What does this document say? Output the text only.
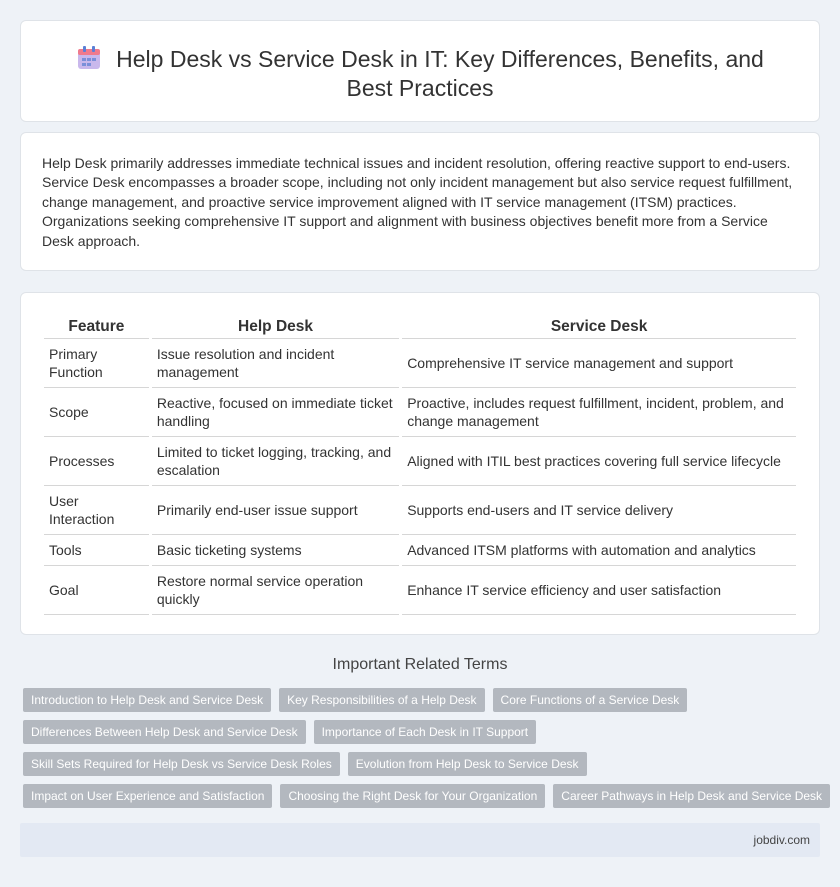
Help Desk vs Service Desk in IT: Key Differences, Benefits, and Best Practices

Help Desk primarily addresses immediate technical issues and incident resolution, offering reactive support to end-users. Service Desk encompasses a broader scope, including not only incident management but also service request fulfillment, change management, and proactive service improvement aligned with IT service management (ITSM) practices. Organizations seeking comprehensive IT support and alignment with business objectives benefit more from a Service Desk approach.

Feature	Help Desk	Service Desk
Primary Function	Issue resolution and incident management	Comprehensive IT service management and support
Scope	Reactive, focused on immediate ticket handling	Proactive, includes request fulfillment, incident, problem, and change management
Processes	Limited to ticket logging, tracking, and escalation	Aligned with ITIL best practices covering full service lifecycle
User Interaction	Primarily end-user issue support	Supports end-users and IT service delivery
Tools	Basic ticketing systems	Advanced ITSM platforms with automation and analytics
Goal	Restore normal service operation quickly	Enhance IT service efficiency and user satisfaction
Important Related Terms
Introduction to Help Desk and Service Desk	Key Responsibilities of a Help Desk	Core Functions of a Service Desk
Differences Between Help Desk and Service Desk	Importance of Each Desk in IT Support
Skill Sets Required for Help Desk vs Service Desk Roles	Evolution from Help Desk to Service Desk
Impact on User Experience and Satisfaction	Choosing the Right Desk for Your Organization	Career Pathways in Help Desk and Service Desk
jobdiv.com
